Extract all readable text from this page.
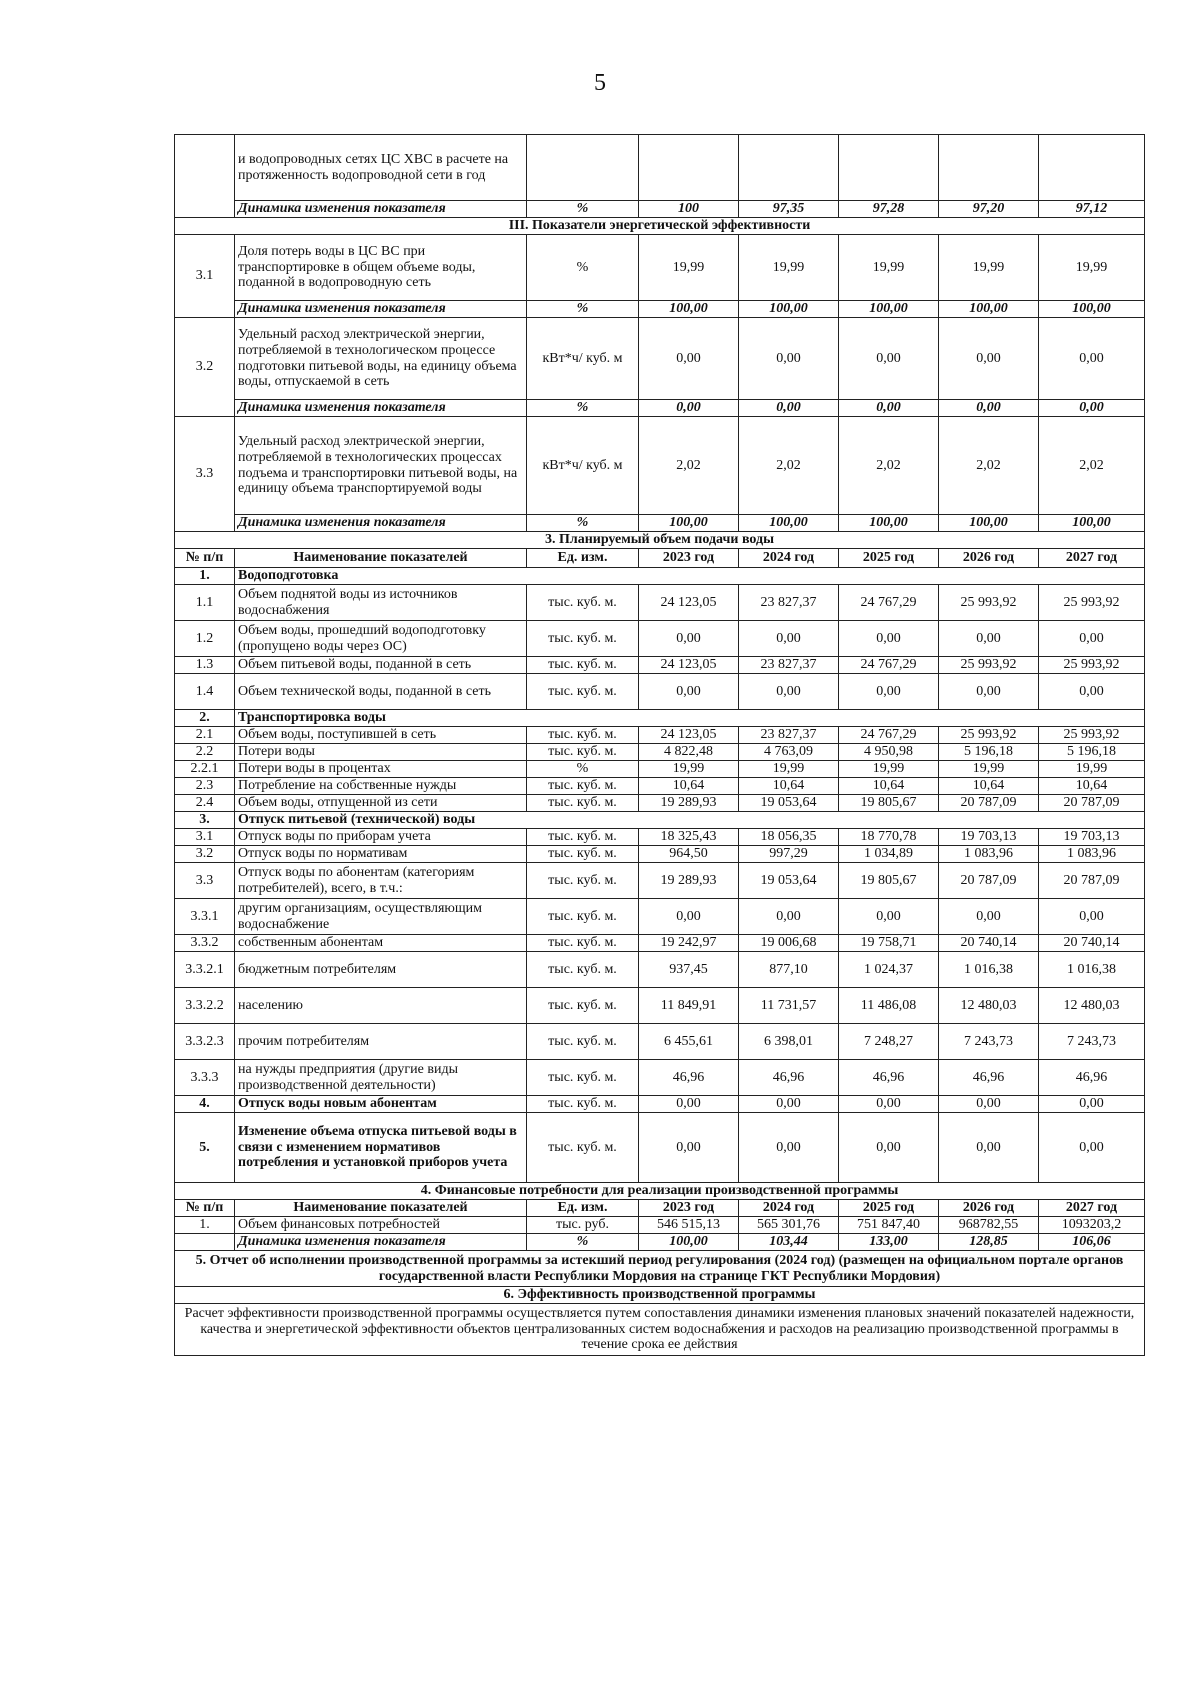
5
	и водопроводных сетях ЦС ХВС в расчете на протяженность водопроводной сети в год						
	Динамика изменения показателя	%	100	97,35	97,28	97,20	97,12
III. Показатели энергетической эффективности							
3.1	Доля потерь воды в ЦС ВС при транспортировке в общем объеме воды, поданной в водопроводную сеть	%	19,99	19,99	19,99	19,99	19,99
	Динамика изменения показателя	%	100,00	100,00	100,00	100,00	100,00
3.2	Удельный расход электрической энергии, потребляемой в технологическом процессе подготовки питьевой воды, на единицу объема воды, отпускаемой в сеть	кВт*ч/ куб. м	0,00	0,00	0,00	0,00	0,00
	Динамика изменения показателя	%	0,00	0,00	0,00	0,00	0,00
3.3	Удельный расход электрической энергии, потребляемой в технологических процессах подъема и транспортировки питьевой воды, на единицу объема транспортируемой воды	кВт*ч/ куб. м	2,02	2,02	2,02	2,02	2,02
	Динамика изменения показателя	%	100,00	100,00	100,00	100,00	100,00
3. Планируемый объем подачи воды							
№ п/п	Наименование показателей	Ед. изм.	2023 год	2024 год	2025 год	2026 год	2027 год
1.	Водоподготовка						
1.1	Объем поднятой воды из источников водоснабжения	тыс. куб. м.	24 123,05	23 827,37	24 767,29	25 993,92	25 993,92
1.2	Объем воды, прошедший водоподготовку (пропущено воды через ОС)	тыс. куб. м.	0,00	0,00	0,00	0,00	0,00
1.3	Объем питьевой воды, поданной в сеть	тыс. куб. м.	24 123,05	23 827,37	24 767,29	25 993,92	25 993,92
1.4	Объем технической воды, поданной в сеть	тыс. куб. м.	0,00	0,00	0,00	0,00	0,00
2.	Транспортировка воды						
2.1	Объем воды, поступившей в сеть	тыс. куб. м.	24 123,05	23 827,37	24 767,29	25 993,92	25 993,92
2.2	Потери воды	тыс. куб. м.	4 822,48	4 763,09	4 950,98	5 196,18	5 196,18
2.2.1	Потери воды в процентах	%	19,99	19,99	19,99	19,99	19,99
2.3	Потребление на собственные нужды	тыс. куб. м.	10,64	10,64	10,64	10,64	10,64
2.4	Объем воды, отпущенной из сети	тыс. куб. м.	19 289,93	19 053,64	19 805,67	20 787,09	20 787,09
3.	Отпуск питьевой (технической) воды						
3.1	Отпуск воды по приборам учета	тыс. куб. м.	18 325,43	18 056,35	18 770,78	19 703,13	19 703,13
3.2	Отпуск воды по нормативам	тыс. куб. м.	964,50	997,29	1 034,89	1 083,96	1 083,96
3.3	Отпуск воды по абонентам (категориям потребителей), всего, в т.ч.:	тыс. куб. м.	19 289,93	19 053,64	19 805,67	20 787,09	20 787,09
3.3.1	другим организациям, осуществляющим водоснабжение	тыс. куб. м.	0,00	0,00	0,00	0,00	0,00
3.3.2	собственным абонентам	тыс. куб. м.	19 242,97	19 006,68	19 758,71	20 740,14	20 740,14
3.3.2.1	бюджетным потребителям	тыс. куб. м.	937,45	877,10	1 024,37	1 016,38	1 016,38
3.3.2.2	населению	тыс. куб. м.	11 849,91	11 731,57	11 486,08	12 480,03	12 480,03
3.3.2.3	прочим потребителям	тыс. куб. м.	6 455,61	6 398,01	7 248,27	7 243,73	7 243,73
3.3.3	на нужды предприятия (другие виды производственной деятельности)	тыс. куб. м.	46,96	46,96	46,96	46,96	46,96
4.	Отпуск воды новым абонентам	тыс. куб. м.	0,00	0,00	0,00	0,00	0,00
5.	Изменение объема отпуска питьевой воды в связи с изменением нормативов потребления и установкой приборов учета	тыс. куб. м.	0,00	0,00	0,00	0,00	0,00
4. Финансовые потребности для реализации производственной программы							
№ п/п	Наименование показателей	Ед. изм.	2023 год	2024 год	2025 год	2026 год	2027 год
1.	Объем финансовых потребностей	тыс. руб.	546 515,13	565 301,76	751 847,40	968782,55	1093203,2
	Динамика изменения показателя	%	100,00	103,44	133,00	128,85	106,06
5. Отчет об исполнении производственной программы за истекший период регулирования (2024 год) (размещен на официальном портале органов государственной власти Республики Мордовия на странице ГКТ Республики Мордовия)							
6. Эффективность производственной программы							
Расчет эффективности производственной программы осуществляется путем сопоставления динамики изменения плановых значений показателей надежности, качества и энергетической эффективности объектов централизованных систем водоснабжения и расходов на реализацию производственной программы в течение срока ее действия							
